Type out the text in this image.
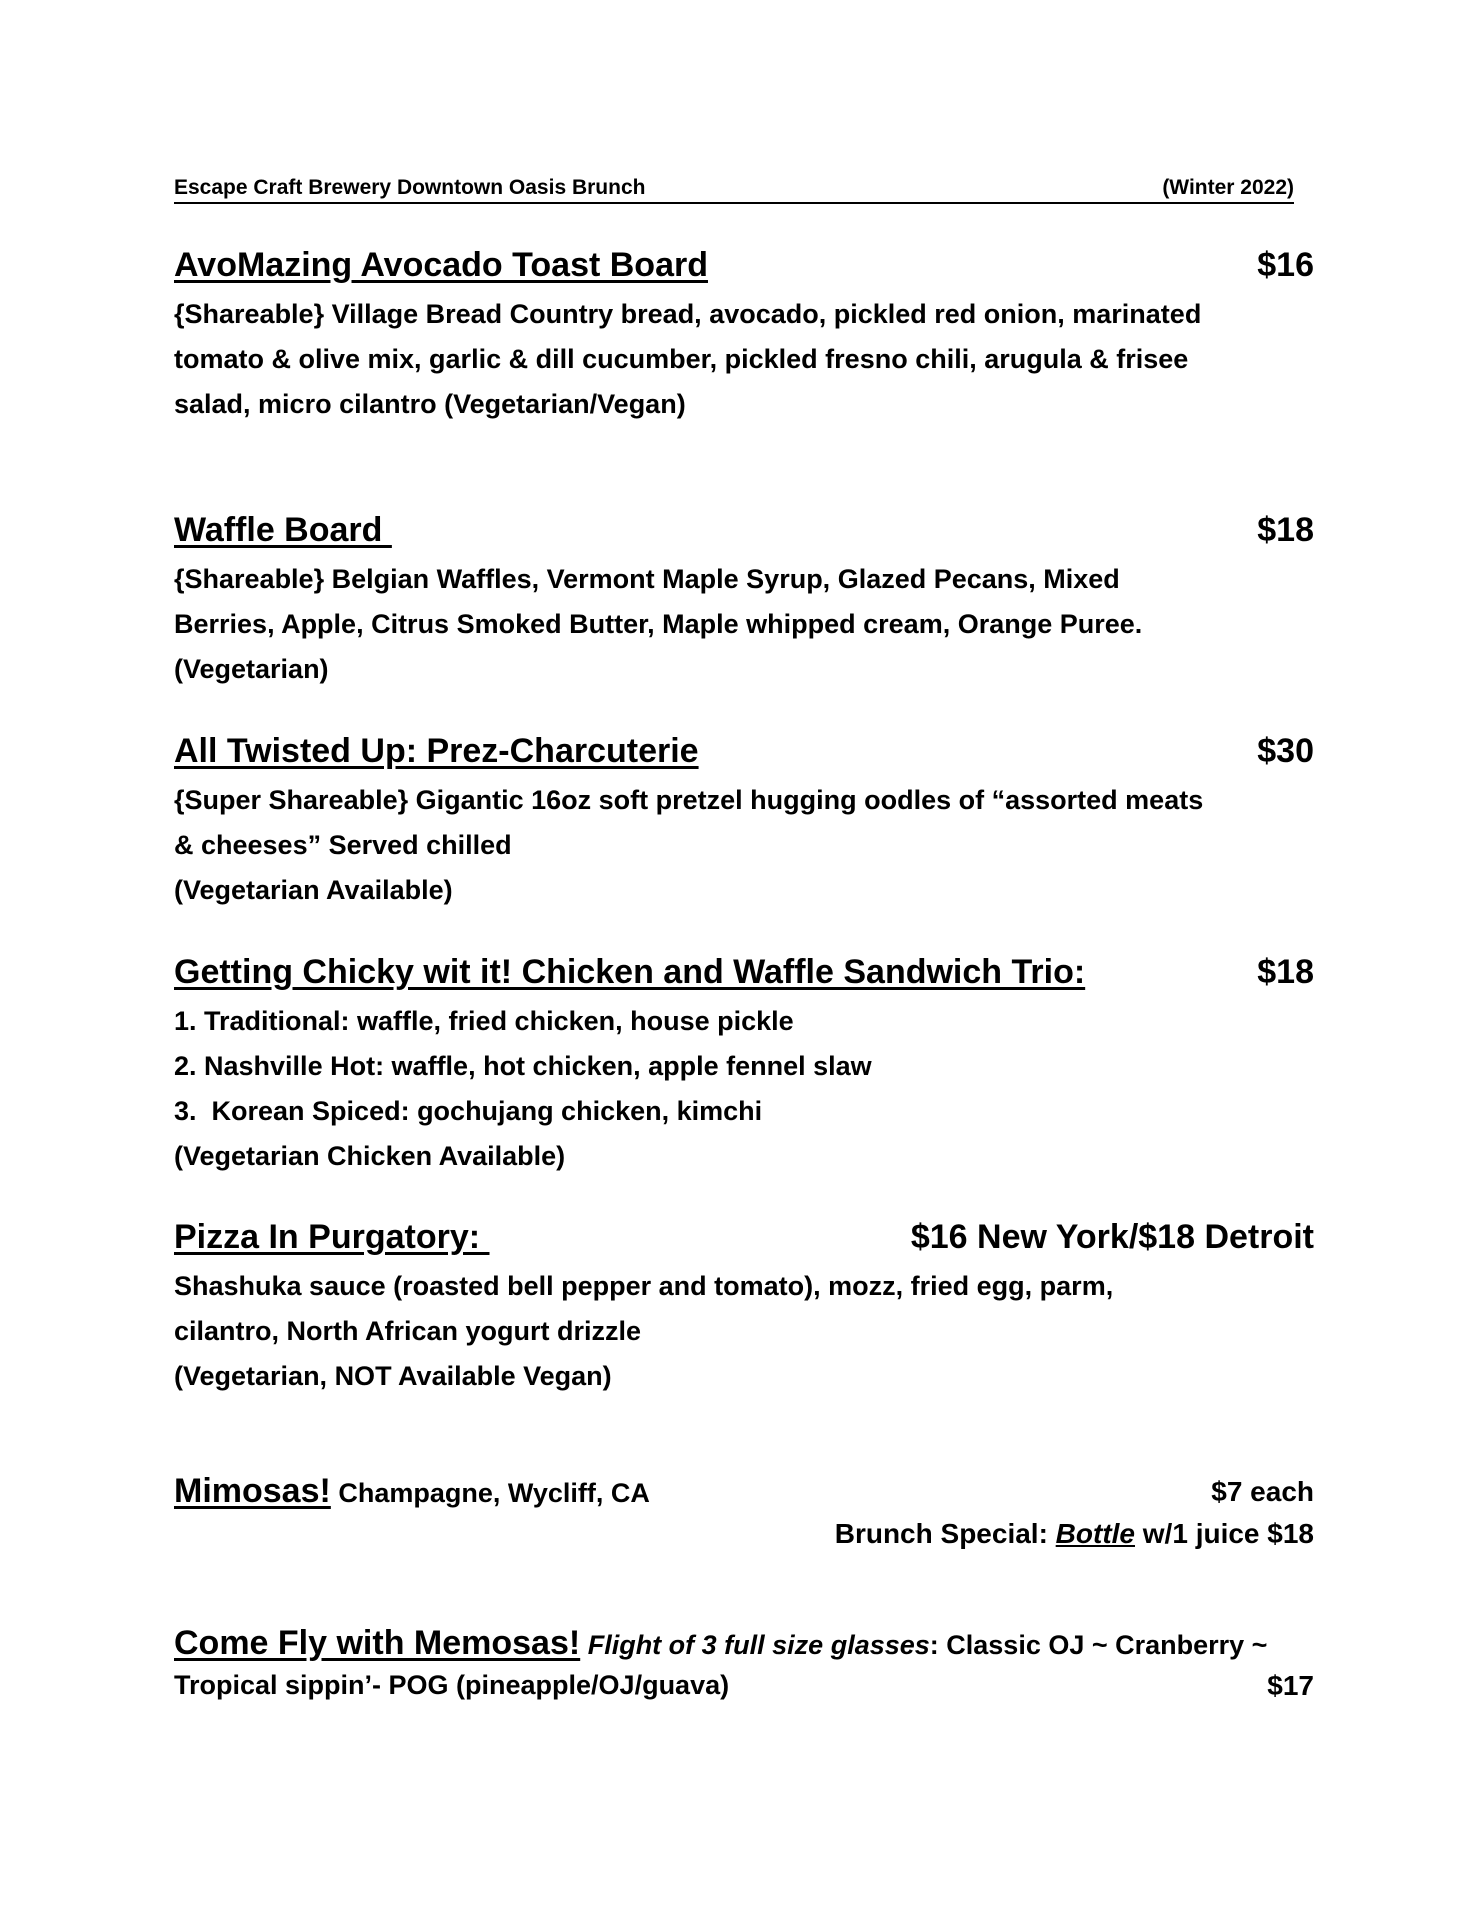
Escape Craft Brewery Downtown Oasis Brunch	(Winter 2022)
AvoMazing Avocado Toast Board	$16
{Shareable} Village Bread Country bread, avocado, pickled red onion, marinated
tomato & olive mix, garlic & dill cucumber, pickled fresno chili, arugula & frisee
salad, micro cilantro (Vegetarian/Vegan)
Waffle Board	$18
{Shareable} Belgian Waffles, Vermont Maple Syrup, Glazed Pecans, Mixed
Berries, Apple, Citrus Smoked Butter, Maple whipped cream, Orange Puree.
(Vegetarian)
All Twisted Up: Prez-Charcuterie	$30
{Super Shareable} Gigantic 16oz soft pretzel hugging oodles of “assorted meats
& cheeses” Served chilled
(Vegetarian Available)
Getting Chicky wit it! Chicken and Waffle Sandwich Trio:	$18
1. Traditional: waffle, fried chicken, house pickle
2. Nashville Hot: waffle, hot chicken, apple fennel slaw
3.  Korean Spiced: gochujang chicken, kimchi
(Vegetarian Chicken Available)
Pizza In Purgatory:	$16 New York/$18 Detroit
Shashuka sauce (roasted bell pepper and tomato), mozz, fried egg, parm,
cilantro, North African yogurt drizzle
(Vegetarian, NOT Available Vegan)
Mimosas! Champagne, Wycliff, CA	$7 each
Brunch Special: Bottle w/1 juice $18
Come Fly with Memosas! Flight of 3 full size glasses: Classic OJ ~ Cranberry ~
Tropical sippin’- POG (pineapple/OJ/guava)	$17
